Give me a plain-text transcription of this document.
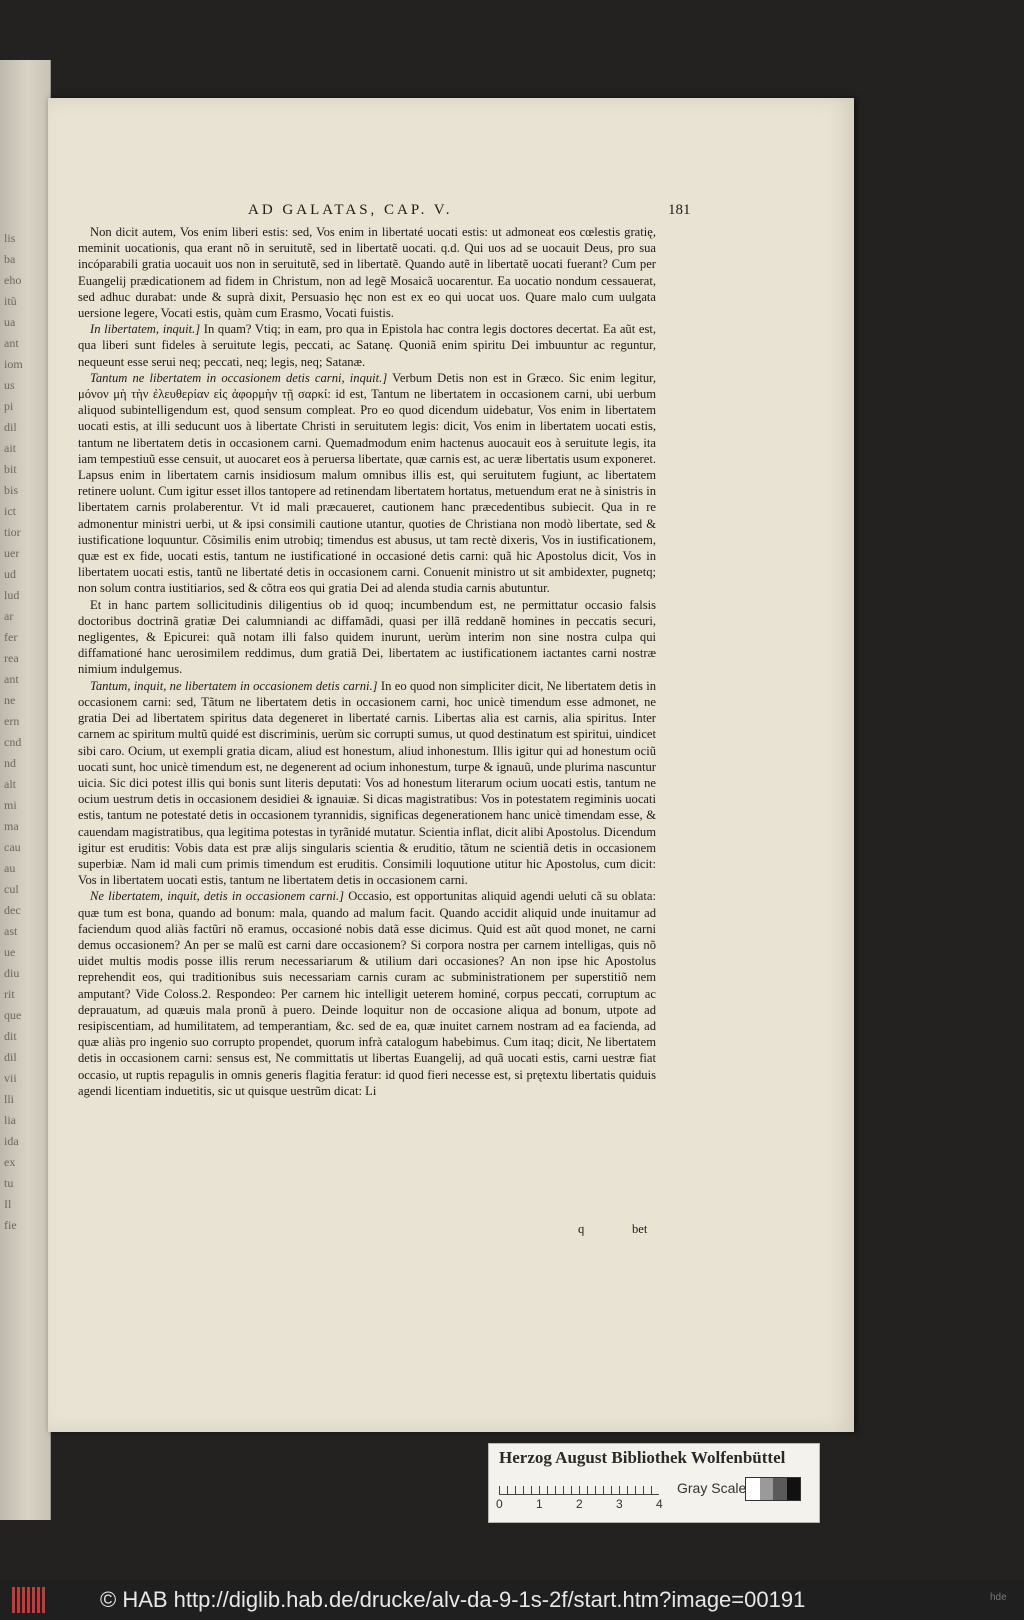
lis
ba
eho
itũ
ua
ant
iom
us
pi
dil
ait
bit
bis
ict
tior
uer
ud
lud
ar
fer
rea
ant
ne
ern
cnd
nd
alt
mi
ma
cau
au
cul
dec
ast
ue
diu
rit
que
dit
dil
vii
lli
lia
ida
ex
tu
Il
fie
AD GALATAS, CAP. V.	181

Non dicit autem, Vos enim liberi estis: sed, Vos enim in libertaté uocati estis: ut admoneat eos cœlestis gratię, meminit uocationis, qua erant nõ in seruitutẽ, sed in libertatẽ uocati. q.d. Qui uos ad se uocauit Deus, pro sua incóparabili gratia uocauit uos non in seruitutẽ, sed in libertatẽ. Quando autẽ in libertatẽ uocati fuerant? Cum per Euangelij prædicationem ad fidem in Christum, non ad legẽ Mosaicã uocarentur. Ea uocatio nondum cessauerat, sed adhuc durabat: unde & suprà dixit, Persuasio hęc non est ex eo qui uocat uos. Quare malo cum uulgata uersione legere, Vocati estis, quàm cum Erasmo, Vocati fuistis.

In libertatem, inquit.] In quam? Vtiq; in eam, pro qua in Epistola hac contra legis doctores decertat. Ea aũt est, qua liberi sunt fideles à seruitute legis, peccati, ac Satanę. Quoniã enim spiritu Dei imbuuntur ac reguntur, nequeunt esse serui neq; peccati, neq; legis, neq; Satanæ.

Tantum ne libertatem in occasionem detis carni, inquit.] Verbum Detis non est in Græco. Sic enim legitur, μόνον μὴ τὴν ἐλευθερίαν εἰς ἀφορμὴν τῇ σαρκί: id est, Tantum ne libertatem in occasionem carni, ubi uerbum aliquod subintelligendum est, quod sensum compleat. Pro eo quod dicendum uidebatur, Vos enim in libertatem uocati estis, at illi seducunt uos à libertate Christi in seruitutem legis: dicit, Vos enim in libertatem uocati estis, tantum ne libertatem detis in occasionem carni. Quemadmodum enim hactenus auocauit eos à seruitute legis, ita iam tempestiuũ esse censuit, ut auocaret eos à peruersa libertate, quæ carnis est, ac ueræ libertatis usum exponeret. Lapsus enim in libertatem carnis insidiosum malum omnibus illis est, qui seruitutem fugiunt, ac libertatem retinere uolunt. Cum igitur esset illos tantopere ad retinendam libertatem hortatus, metuendum erat ne à sinistris in libertatem carnis prolaberentur. Vt id mali præcaueret, cautionem hanc præcedentibus subiecit. Qua in re admonentur ministri uerbi, ut & ipsi consimili cautione utantur, quoties de Christiana non modò libertate, sed & iustificatione loquuntur. Cõsimilis enim utrobiq; timendus est abusus, ut tam rectè dixeris, Vos in iustificationem, quæ est ex fide, uocati estis, tantum ne iustificationé in occasioné detis carni: quã hic Apostolus dicit, Vos in libertatem uocati estis, tantũ ne libertaté detis in occasionem carni. Conuenit ministro ut sit ambidexter, pugnetq; non solum contra iustitiarios, sed & cõtra eos qui gratia Dei ad alenda studia carnis abutuntur.

Et in hanc partem sollicitudinis diligentius ob id quoq; incumbendum est, ne permittatur occasio falsis doctoribus doctrinã gratiæ Dei calumniandi ac diffamãdi, quasi per illã reddanẽ homines in peccatis securi, negligentes, & Epicurei: quã notam illi falso quidem inurunt, uerùm interim non sine nostra culpa qui diffamationé hanc uerosimilem reddimus, dum gratiã Dei, libertatem ac iustificationem iactantes carni nostræ nimium indulgemus.

Tantum, inquit, ne libertatem in occasionem detis carni.] In eo quod non simpliciter dicit, Ne libertatem detis in occasionem carni: sed, Tãtum ne libertatem detis in occasionem carni, hoc unicè timendum esse admonet, ne gratia Dei ad libertatem spiritus data degeneret in libertaté carnis. Libertas alia est carnis, alia spiritus. Inter carnem ac spiritum multũ quidé est discriminis, uerùm sic corrupti sumus, ut quod destinatum est spiritui, uindicet sibi caro. Ocium, ut exempli gratia dicam, aliud est honestum, aliud inhonestum. Illis igitur qui ad honestum ociũ uocati sunt, hoc unicè timendum est, ne degenerent ad ocium inhonestum, turpe & ignauũ, unde plurima nascuntur uicia. Sic dici potest illis qui bonis sunt literis deputati: Vos ad honestum literarum ocium uocati estis, tantum ne ocium uestrum detis in occasionem desidiei & ignauiæ. Si dicas magistratibus: Vos in potestatem regiminis uocati estis, tantum ne potestaté detis in occasionem tyrannidis, significas degenerationem hanc unicè timendam esse, & cauendam magistratibus, qua legitima potestas in tyrãnidé mutatur. Scientia inflat, dicit alibi Apostolus. Dicendum igitur est eruditis: Vobis data est præ alijs singularis scientia & eruditio, tãtum ne scientiã detis in occasionem superbiæ. Nam id mali cum primis timendum est eruditis. Consimili loquutione utitur hic Apostolus, cum dicit: Vos in libertatem uocati estis, tantum ne libertatem detis in occasionem carni.

Ne libertatem, inquit, detis in occasionem carni.] Occasio, est opportunitas aliquid agendi ueluti cã su oblata: quæ tum est bona, quando ad bonum: mala, quando ad malum facit. Quando accidit aliquid unde inuitamur ad faciendum quod aliàs factũri nõ eramus, occasioné nobis datã esse dicimus. Quid est aũt quod monet, ne carni demus occasionem? An per se malũ est carni dare occasionem? Si corpora nostra per carnem intelligas, quis nõ uidet multis modis posse illis rerum necessariarum & utilium dari occasiones? An non ipse hic Apostolus reprehendit eos, qui traditionibus suis necessariam carnis curam ac subministrationem per superstitiõ nem amputant? Vide Coloss.2. Respondeo: Per carnem hic intelligit ueterem hominé, corpus peccati, corruptum ac deprauatum, ad quæuis mala pronũ à puero. Deinde loquitur non de occasione aliqua ad bonum, utpote ad resipiscentiam, ad humilitatem, ad temperantiam, &c. sed de ea, quæ inuitet carnem nostram ad ea facienda, ad quæ aliàs pro ingenio suo corrupto propendet, quorum infrà catalogum habebimus. Cum itaq; dicit, Ne libertatem detis in occasionem carni: sensus est, Ne committatis ut libertas Euangelij, ad quã uocati estis, carni uestræ fiat occasio, ut ruptis repagulis in omnis generis flagitia feratur: id quod fieri necesse est, si prętextu libertatis quiduis agendi licentiam induetitis, sic ut quisque uestrũm dicat: Li

q	bet
Herzog August Bibliothek Wolfenbüttel
0	1	2	3	4
Gray Scale
© HAB http://diglib.hab.de/drucke/alv-da-9-1s-2f/start.htm?image=00191	hde
